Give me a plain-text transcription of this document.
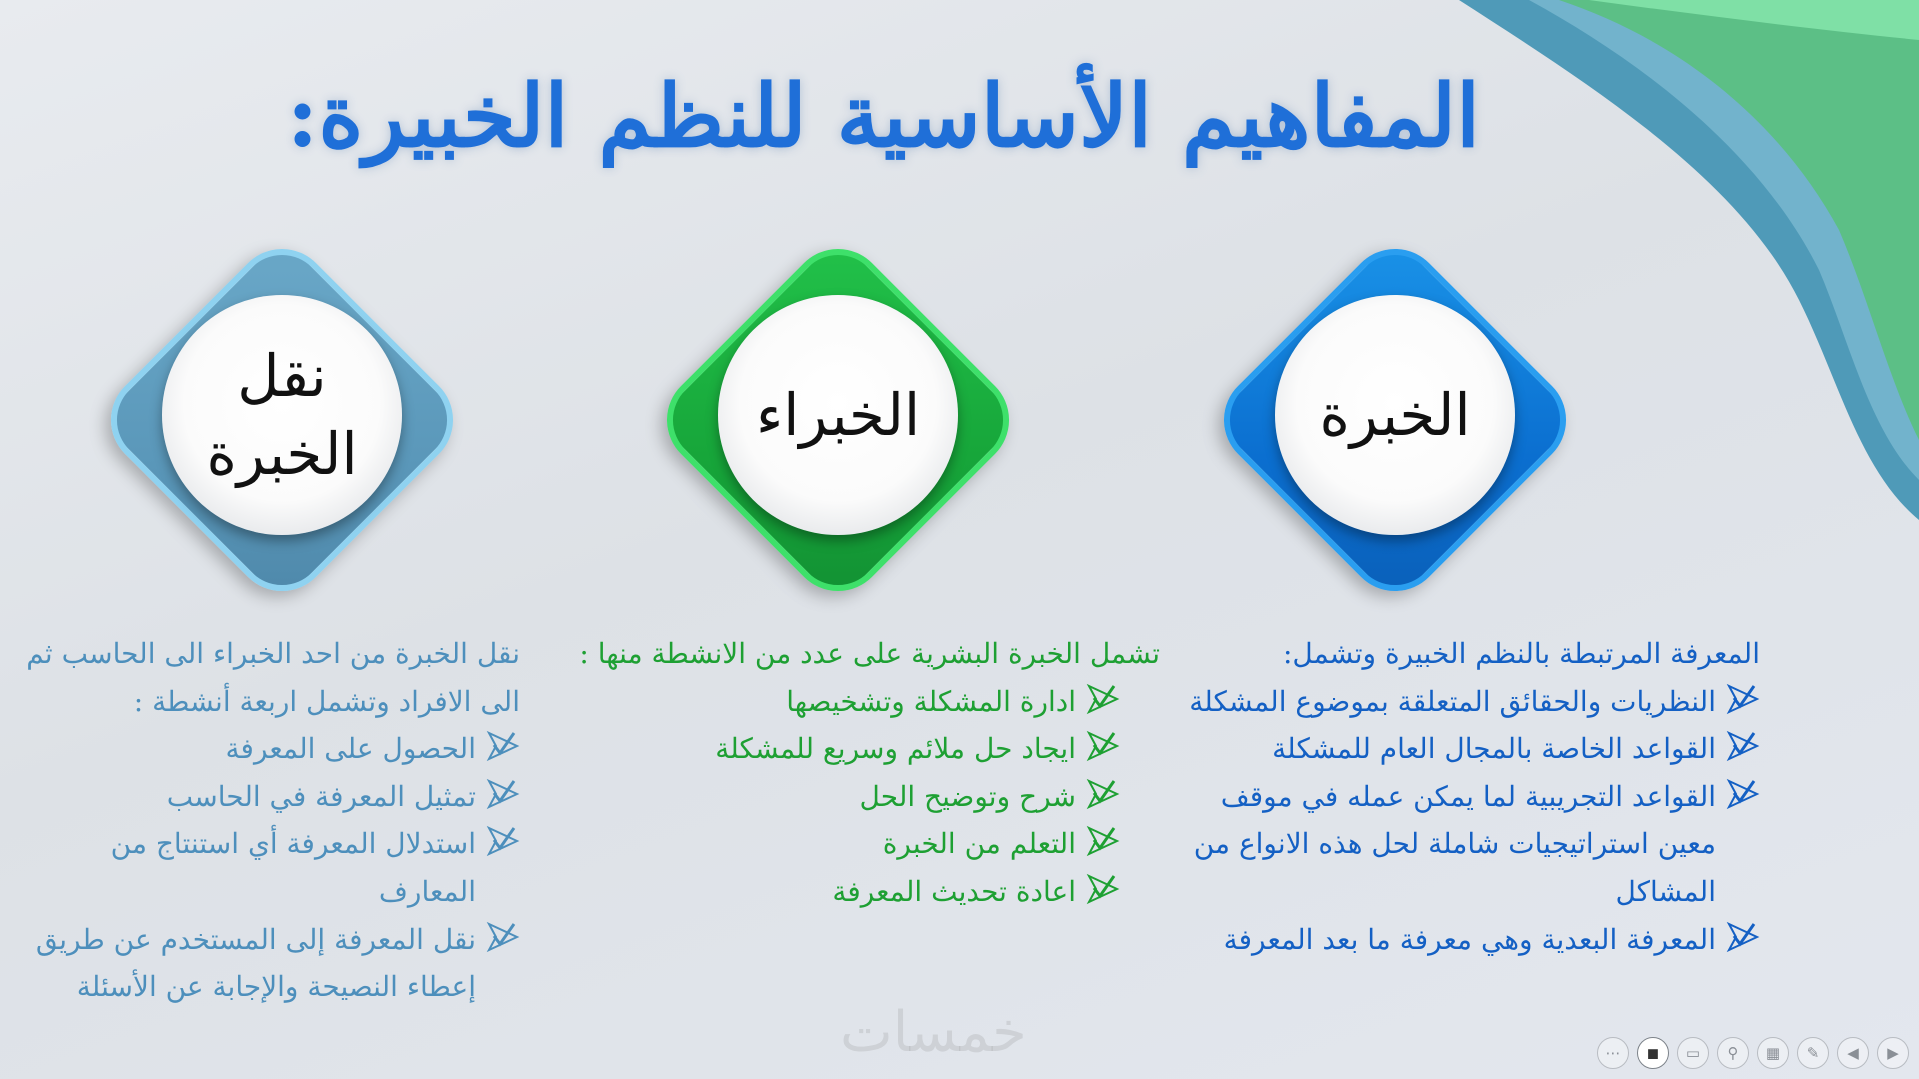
المفاهيم الأساسية للنظم الخبيرة:
الخبرة
الخبراء
نقل
الخبرة

المعرفة المرتبطة بالنظم الخبيرة وتشمل:

النظريات والحقائق المتعلقة بموضوع المشكلة
القواعد الخاصة بالمجال العام للمشكلة
القواعد التجريبية لما يمكن عمله في موقف معين استراتيجيات شاملة لحل هذه الانواع من المشاكل
المعرفة البعدية وهي معرفة ما بعد المعرفة

تشمل الخبرة البشرية على عدد من الانشطة منها :

ادارة المشكلة وتشخيصها
ايجاد حل ملائم وسريع للمشكلة
شرح وتوضيح الحل
التعلم من الخبرة
اعادة تحديث المعرفة

نقل الخبرة من احد الخبراء الى الحاسب ثم الى الافراد وتشمل اربعة أنشطة :

الحصول على المعرفة
تمثيل المعرفة في الحاسب
استدلال المعرفة أي استنتاج من المعارف
نقل المعرفة إلى المستخدم عن طريق إعطاء النصيحة والإجابة عن الأسئلة
خمسات	⋯	◼	▭	⚲	▦	✎	◀	▶
